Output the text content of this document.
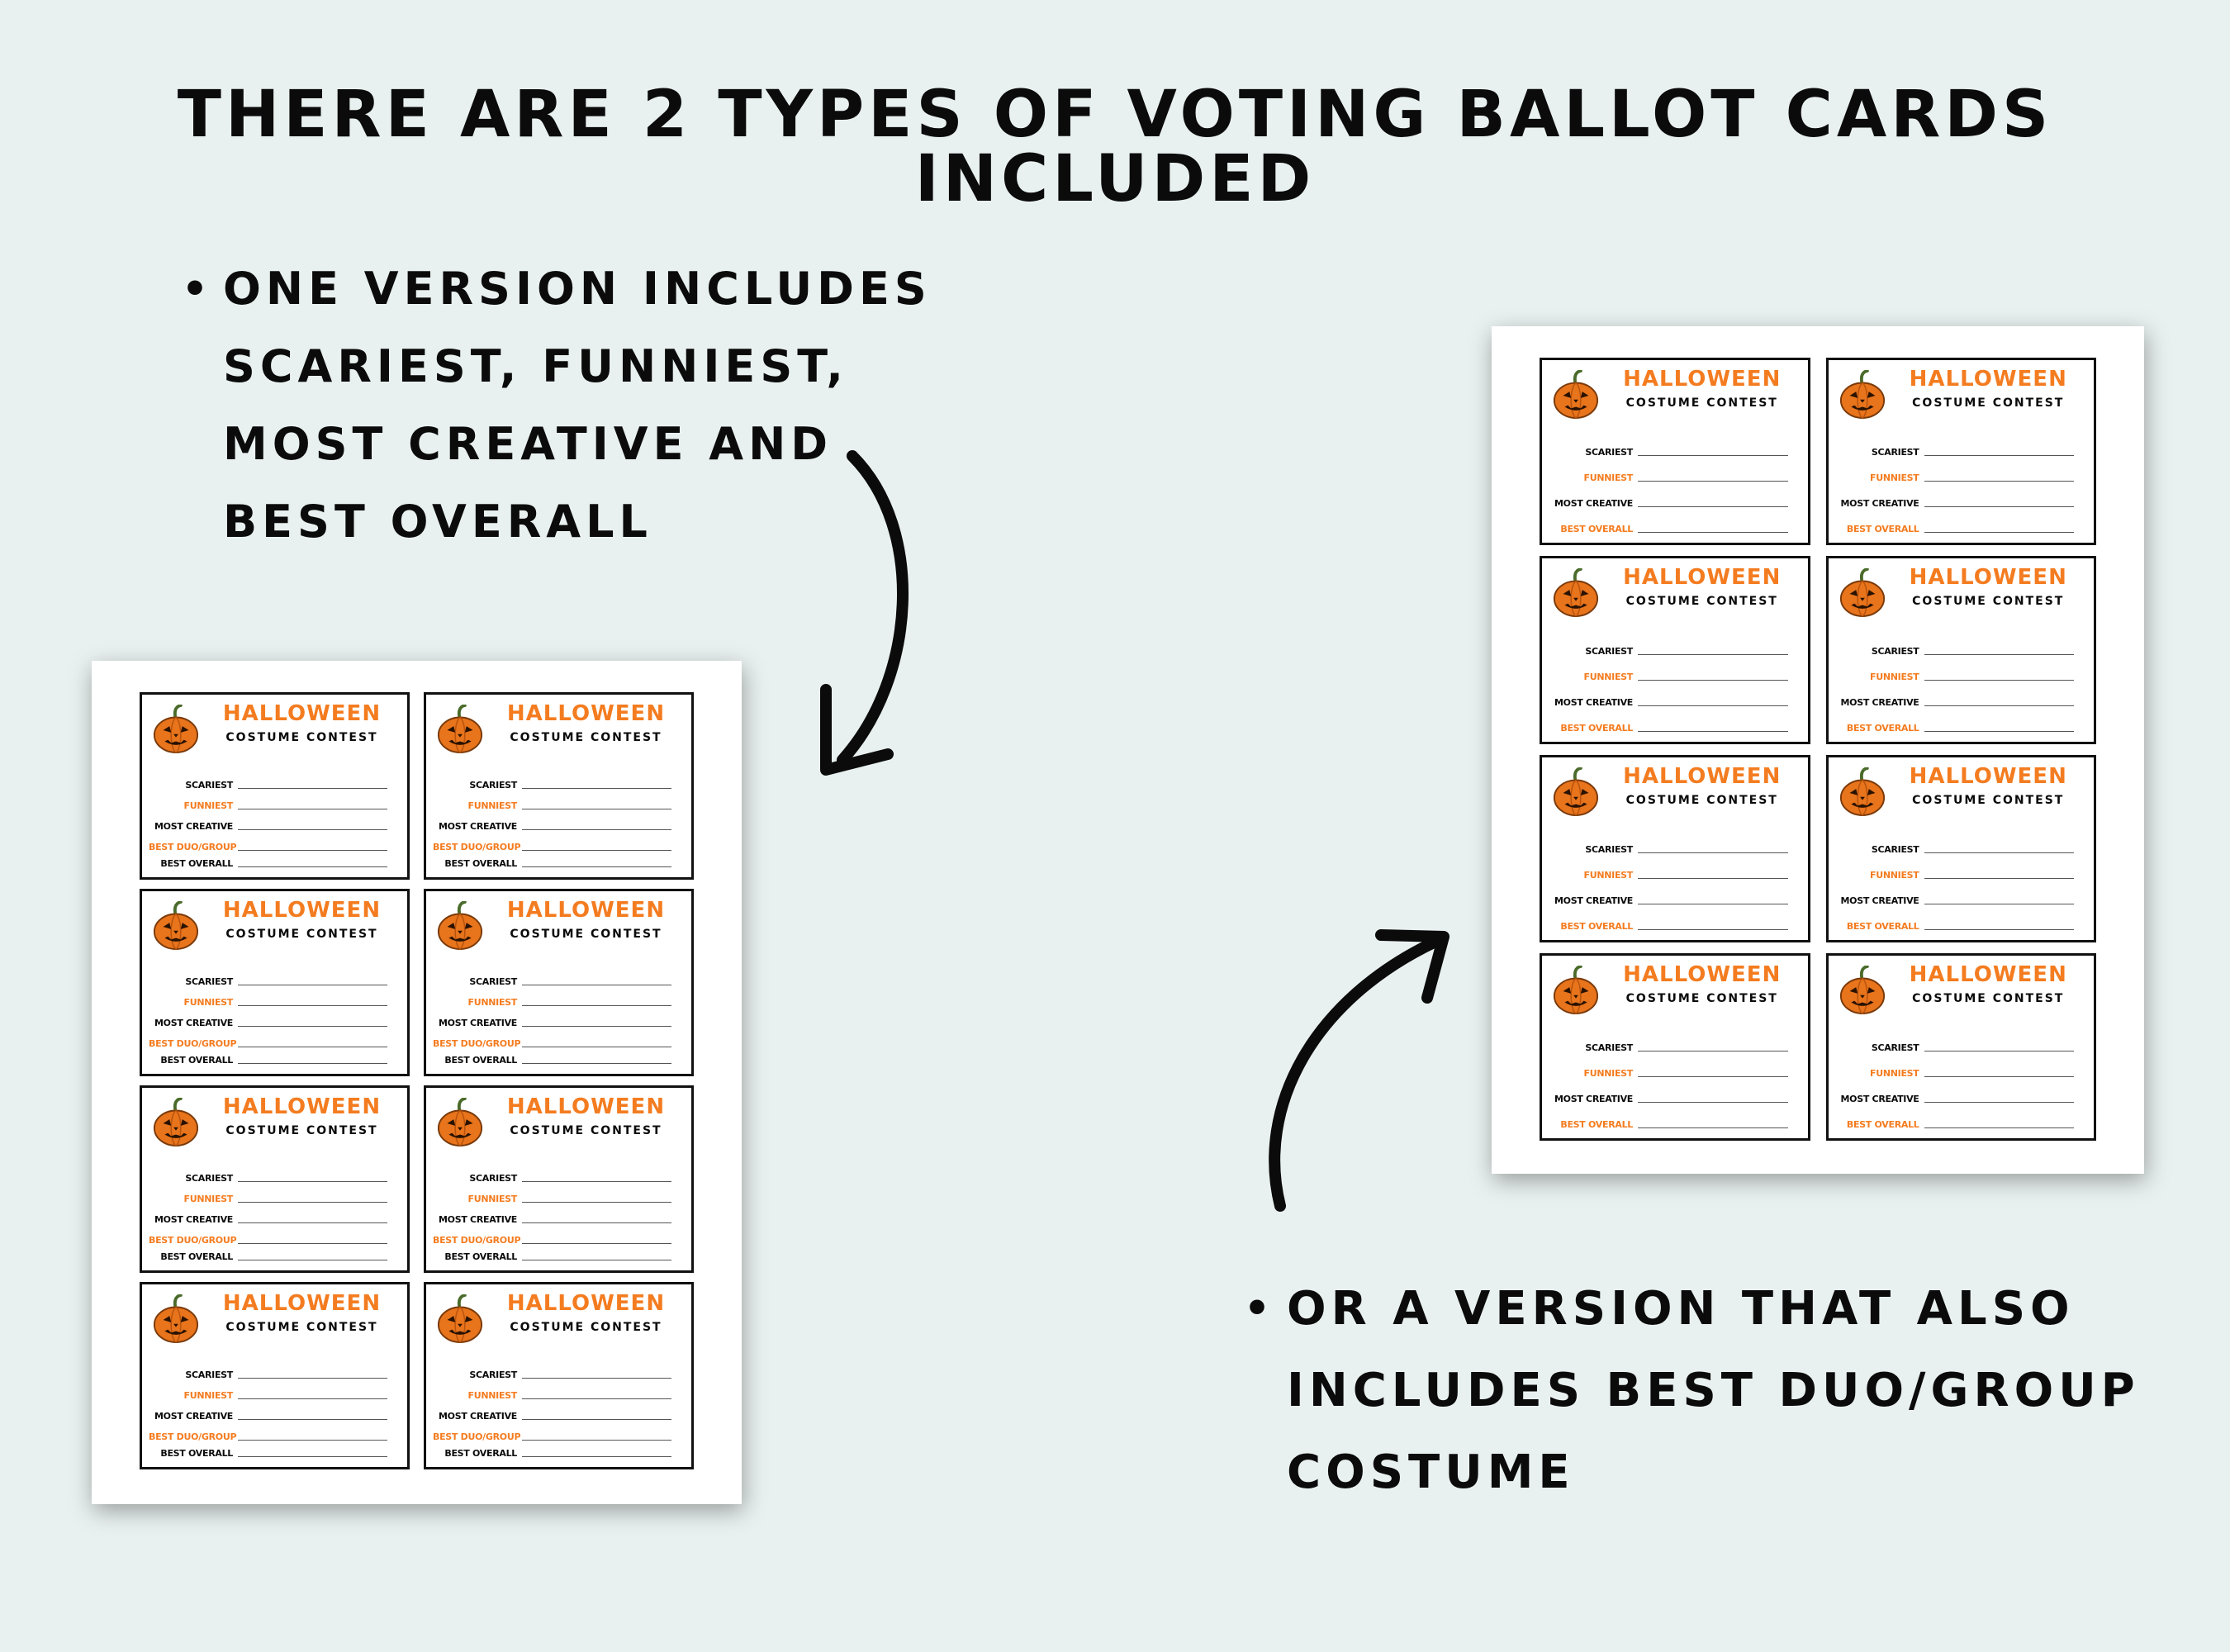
THERE ARE 2 TYPES OF VOTING BALLOT CARDS INCLUDED
• ONE VERSION INCLUDES
SCARIEST, FUNNIEST,
MOST CREATIVE AND
BEST OVERALL
• OR A VERSION THAT ALSO
INCLUDES BEST DUO/GROUP
COSTUME
HALLOWEEN
COSTUME CONTEST
SCARIEST
FUNNIEST
MOST CREATIVE
BEST DUO/GROUP
BEST OVERALL
HALLOWEEN
COSTUME CONTEST
SCARIEST
FUNNIEST
MOST CREATIVE
BEST DUO/GROUP
BEST OVERALL
HALLOWEEN
COSTUME CONTEST
SCARIEST
FUNNIEST
MOST CREATIVE
BEST DUO/GROUP
BEST OVERALL
HALLOWEEN
COSTUME CONTEST
SCARIEST
FUNNIEST
MOST CREATIVE
BEST DUO/GROUP
BEST OVERALL
HALLOWEEN
COSTUME CONTEST
SCARIEST
FUNNIEST
MOST CREATIVE
BEST DUO/GROUP
BEST OVERALL
HALLOWEEN
COSTUME CONTEST
SCARIEST
FUNNIEST
MOST CREATIVE
BEST DUO/GROUP
BEST OVERALL
HALLOWEEN
COSTUME CONTEST
SCARIEST
FUNNIEST
MOST CREATIVE
BEST DUO/GROUP
BEST OVERALL
HALLOWEEN
COSTUME CONTEST
SCARIEST
FUNNIEST
MOST CREATIVE
BEST DUO/GROUP
BEST OVERALL
HALLOWEEN
COSTUME CONTEST
SCARIEST
FUNNIEST
MOST CREATIVE
BEST OVERALL
HALLOWEEN
COSTUME CONTEST
SCARIEST
FUNNIEST
MOST CREATIVE
BEST OVERALL
HALLOWEEN
COSTUME CONTEST
SCARIEST
FUNNIEST
MOST CREATIVE
BEST OVERALL
HALLOWEEN
COSTUME CONTEST
SCARIEST
FUNNIEST
MOST CREATIVE
BEST OVERALL
HALLOWEEN
COSTUME CONTEST
SCARIEST
FUNNIEST
MOST CREATIVE
BEST OVERALL
HALLOWEEN
COSTUME CONTEST
SCARIEST
FUNNIEST
MOST CREATIVE
BEST OVERALL
HALLOWEEN
COSTUME CONTEST
SCARIEST
FUNNIEST
MOST CREATIVE
BEST OVERALL
HALLOWEEN
COSTUME CONTEST
SCARIEST
FUNNIEST
MOST CREATIVE
BEST OVERALL
